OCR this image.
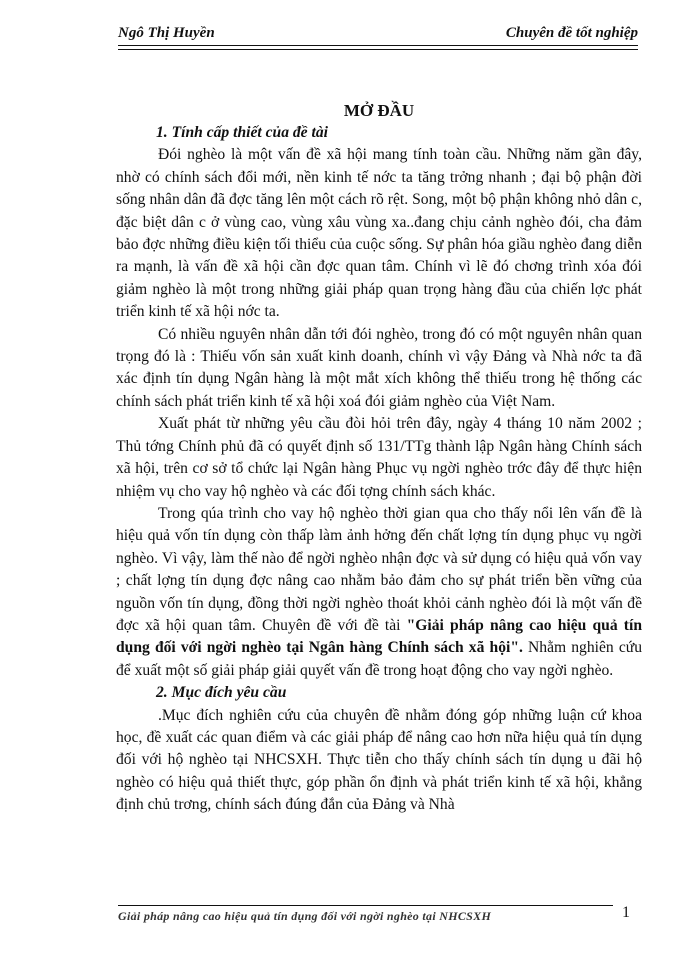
Ngô Thị Huyền	Chuyên đề tốt nghiệp

MỞ ĐẦU

1. Tính cấp thiết của đề tài

Đói nghèo là một vấn đề xã hội mang tính toàn cầu. Những năm gần đây, nhờ có chính sách đổi mới, nền kinh tế nớc ta tăng trởng nhanh ; đại bộ phận đời sống nhân dân đã đợc tăng lên một cách rõ rệt. Song, một bộ phận không nhỏ dân c, đặc biệt dân c ở vùng cao, vùng xâu vùng xa..đang chịu cảnh nghèo đói, cha đảm bảo đợc những điều kiện tối thiểu của cuộc sống. Sự phân hóa giầu nghèo đang diễn ra mạnh, là vấn đề xã hội cần đợc quan tâm. Chính vì lẽ đó chơng trình xóa đói giảm nghèo là một trong những giải pháp quan trọng hàng đầu của chiến lợc phát triển kinh tế xã hội nớc ta.

Có nhiều nguyên nhân dẫn tới đói nghèo, trong đó có một nguyên nhân quan trọng đó là : Thiếu vốn sản xuất kinh doanh, chính vì vậy Đảng và Nhà nớc ta đã xác định tín dụng Ngân hàng là một mắt xích không thể thiếu trong hệ thống các chính sách phát triển kinh tế xã hội xoá đói giảm nghèo của Việt Nam.

Xuất phát từ những yêu cầu đòi hỏi trên đây, ngày 4 tháng 10 năm 2002 ; Thủ tớng Chính phủ đã có quyết định số 131/TTg thành lập Ngân hàng Chính sách xã hội, trên cơ sở tổ chức lại Ngân hàng Phục vụ ngời nghèo trớc đây để thực hiện nhiệm vụ cho vay hộ nghèo và các đối tợng chính sách khác.

Trong qúa trình cho vay hộ nghèo thời gian qua cho thấy nổi lên vấn đề là hiệu quả vốn tín dụng còn thấp làm ảnh hởng đến chất lợng tín dụng phục vụ ngời nghèo. Vì vậy, làm thế nào để ngời nghèo nhận đợc và sử dụng có hiệu quả vốn vay ; chất lợng tín dụng đợc nâng cao nhằm bảo đảm cho sự phát triển bền vững của nguồn vốn tín dụng, đồng thời ngời nghèo thoát khỏi cảnh nghèo đói là một vấn đề đợc xã hội quan tâm. Chuyên đề với đề tài "Giải pháp nâng cao hiệu quả tín dụng đối với ngời nghèo tại Ngân hàng Chính sách xã hội". Nhằm nghiên cứu để xuất một số giải pháp giải quyết vấn đề trong hoạt động cho vay ngời nghèo.

2. Mục đích yêu cầu

.Mục đích nghiên cứu của chuyên đề nhằm đóng góp những luận cứ khoa học, đề xuất các quan điểm và các giải pháp để nâng cao hơn nữa hiệu quả tín dụng đối với hộ nghèo tại NHCSXH. Thực tiễn cho thấy chính sách tín dụng u đãi hộ nghèo có hiệu quả thiết thực, góp phần ổn định và phát triển kinh tế xã hội, khẳng định chủ trơng, chính sách đúng đắn của Đảng và Nhà

Giải pháp nâng cao hiệu quả tín dụng đối với ngời nghèo tại NHCSXH	1
